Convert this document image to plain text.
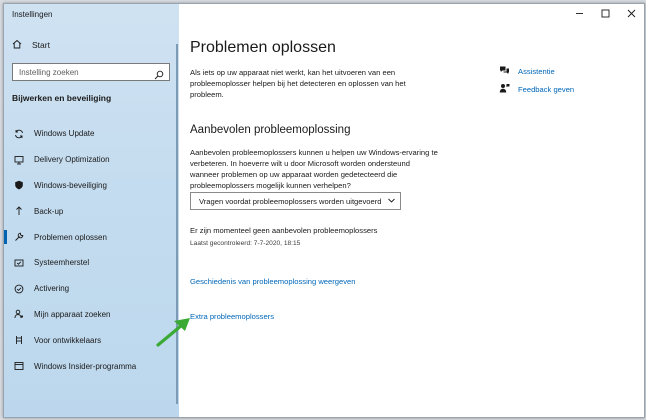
Instellingen
Start
Instelling zoeken
Bijwerken en beveiliging
Windows Update
Delivery Optimization
Windows-beveiliging
Back-up
Problemen oplossen
Systeemherstel
Activering
Mijn apparaat zoeken
Voor ontwikkelaars
Windows Insider-programma
Problemen oplossen
Als iets op uw apparaat niet werkt, kan het uitvoeren van een probleemoplosser helpen bij het detecteren en oplossen van het probleem.
Aanbevolen probleemoplossing
Aanbevolen probleemoplossers kunnen u helpen uw Windows-ervaring te verbeteren. In hoeverre wilt u door Microsoft worden ondersteund wanneer problemen op uw apparaat worden gedetecteerd die probleemoplossers mogelijk kunnen verhelpen?
Vragen voordat probleemoplossers worden uitgevoerd
Er zijn momenteel geen aanbevolen probleemoplossers
Laatst gecontroleerd: 7-7-2020, 18:15
Geschiedenis van probleemoplossing weergeven
Extra probleemoplossers
Assistentie
Feedback geven
